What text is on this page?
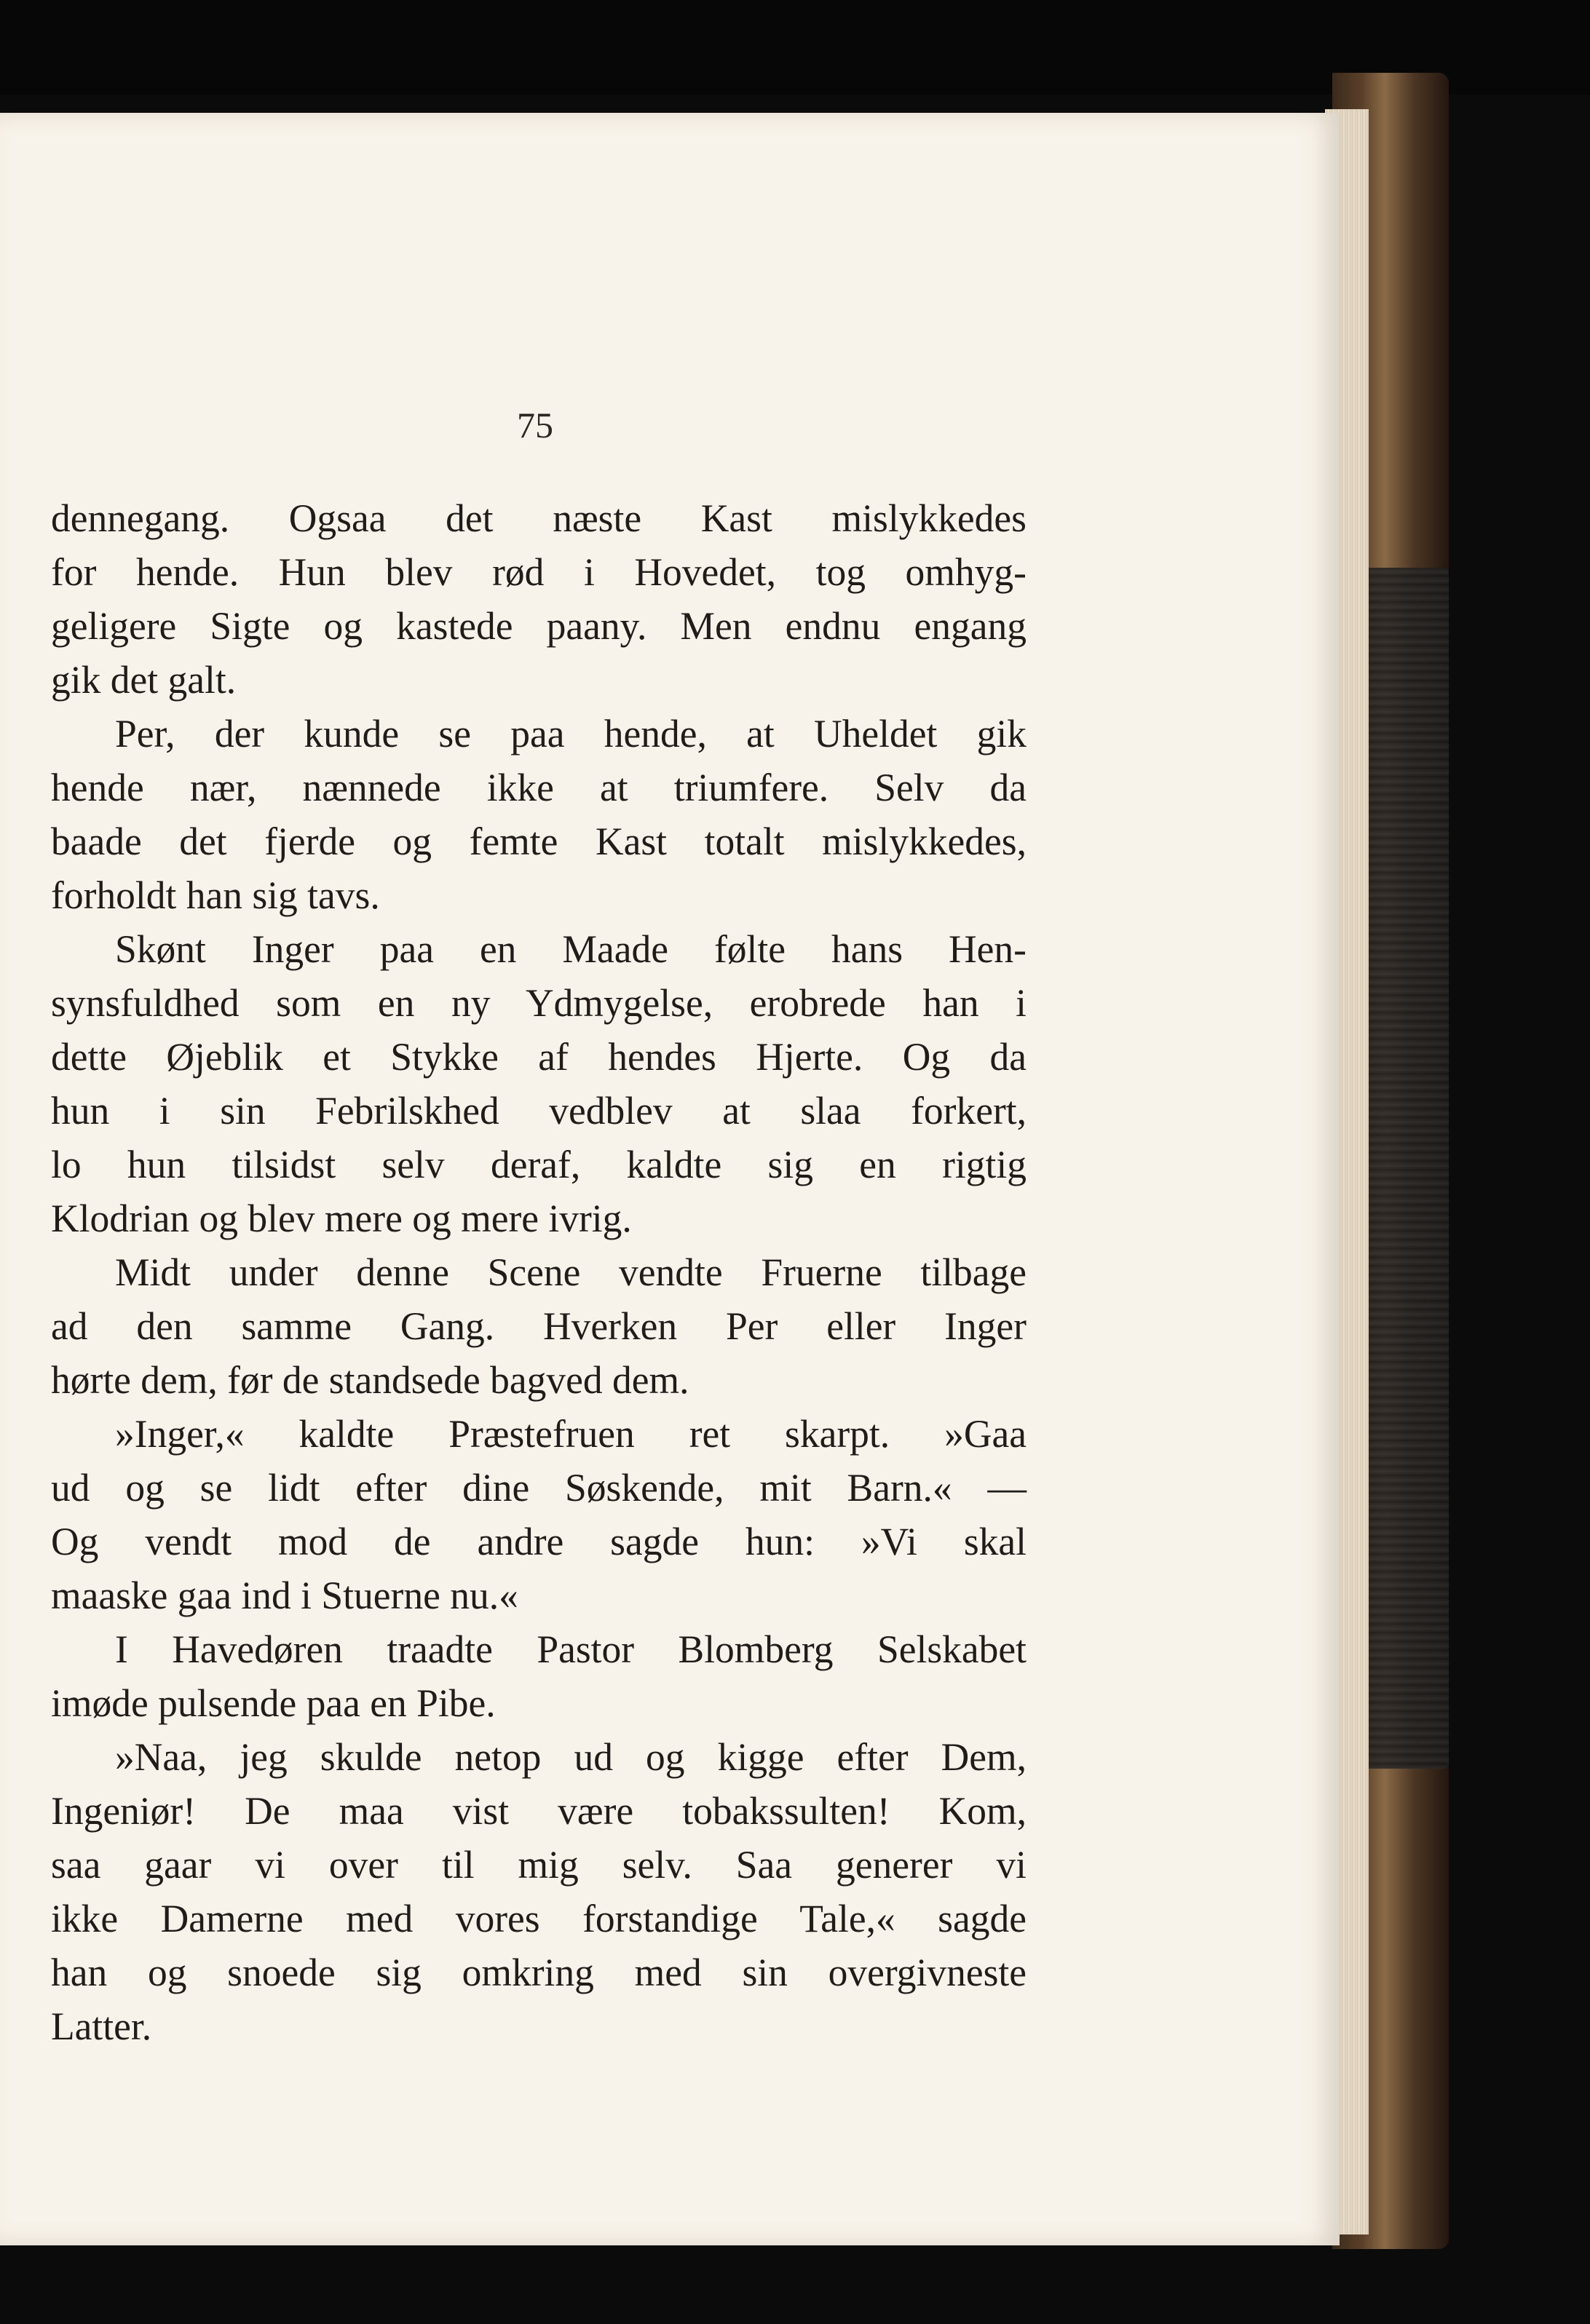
75

dennegang. Ogsaa det næste Kast mislykkedes
for hende. Hun blev rød i Hovedet, tog omhyg-
geligere Sigte og kastede paany. Men endnu engang
gik det galt.

Per, der kunde se paa hende, at Uheldet gik
hende nær, nænnede ikke at triumfere. Selv da
baade det fjerde og femte Kast totalt mislykkedes,
forholdt han sig tavs.

Skønt Inger paa en Maade følte hans Hen-
synsfuldhed som en ny Ydmygelse, erobrede han i
dette Øjeblik et Stykke af hendes Hjerte. Og da
hun i sin Febrilskhed vedblev at slaa forkert,
lo hun tilsidst selv deraf, kaldte sig en rigtig
Klodrian og blev mere og mere ivrig.

Midt under denne Scene vendte Fruerne tilbage
ad den samme Gang. Hverken Per eller Inger
hørte dem, før de standsede bagved dem.

»Inger,« kaldte Præstefruen ret skarpt. »Gaa
ud og se lidt efter dine Søskende, mit Barn.« —
Og vendt mod de andre sagde hun: »Vi skal
maaske gaa ind i Stuerne nu.«

I Havedøren traadte Pastor Blomberg Selskabet
imøde pulsende paa en Pibe.

»Naa, jeg skulde netop ud og kigge efter Dem,
Ingeniør! De maa vist være tobakssulten! Kom,
saa gaar vi over til mig selv. Saa generer vi
ikke Damerne med vores forstandige Tale,« sagde
han og snoede sig omkring med sin overgivneste
Latter.
